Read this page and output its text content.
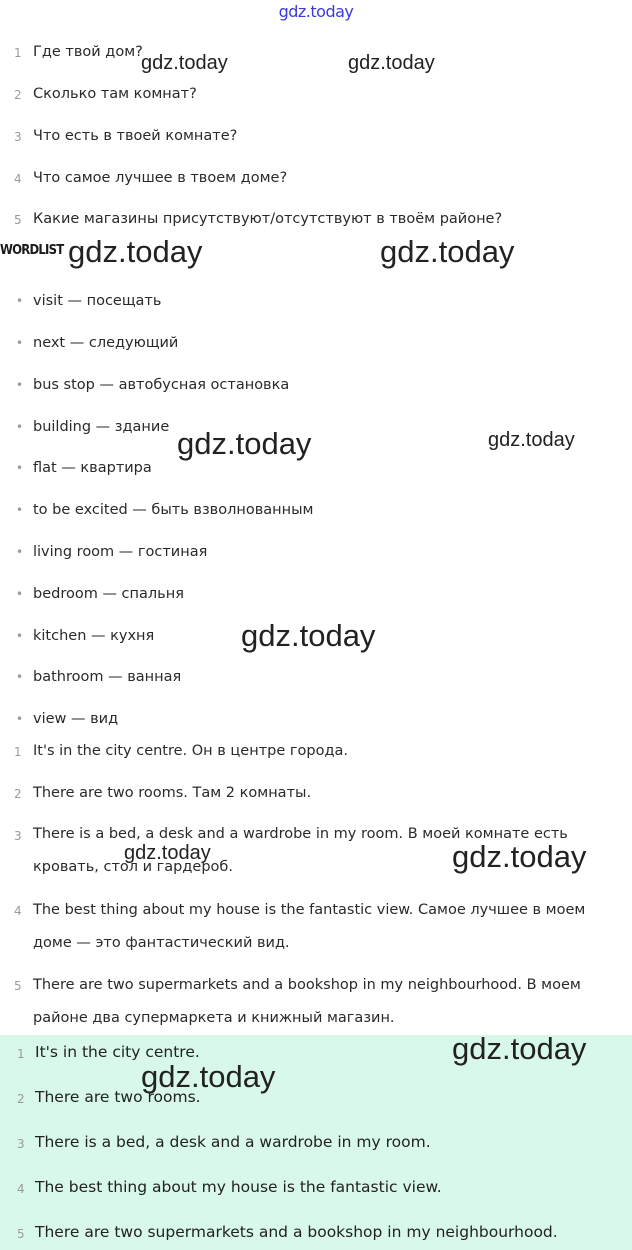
gdz.today
1 Где твой дом?
2 Сколько там комнат?
3 Что есть в твоей комнате?
4 Что самое лучшее в твоем доме?
5 Какие магазины присутствуют/отсутствуют в твоём районе?
WORDLIST
• visit — посещать
• next — следующий
• bus stop — автобусная остановка
• building — здание
• flat — квартира
• to be excited — быть взволнованным
• living room — гостиная
• bedroom — спальня
• kitchen — кухня
• bathroom — ванная
• view — вид
1 It's in the city centre. Он в центре города.
2 There are two rooms. Там 2 комнаты.
3 There is a bed, a desk and a wardrobe in my room. В моей комнате есть кровать, стол и гардероб.
4 The best thing about my house is the fantastic view. Самое лучшее в моем доме — это фантастический вид.
5 There are two supermarkets and a bookshop in my neighbourhood. В моем районе два супермаркета и книжный магазин.
1 It's in the city centre.
2 There are two rooms.
3 There is a bed, a desk and a wardrobe in my room.
4 The best thing about my house is the fantastic view.
5 There are two supermarkets and a bookshop in my neighbourhood.
gdz.today	gdz.today
gdz.today	gdz.today
gdz.today	gdz.today
gdz.today
gdz.today	gdz.today
gdz.today
gdz.today
